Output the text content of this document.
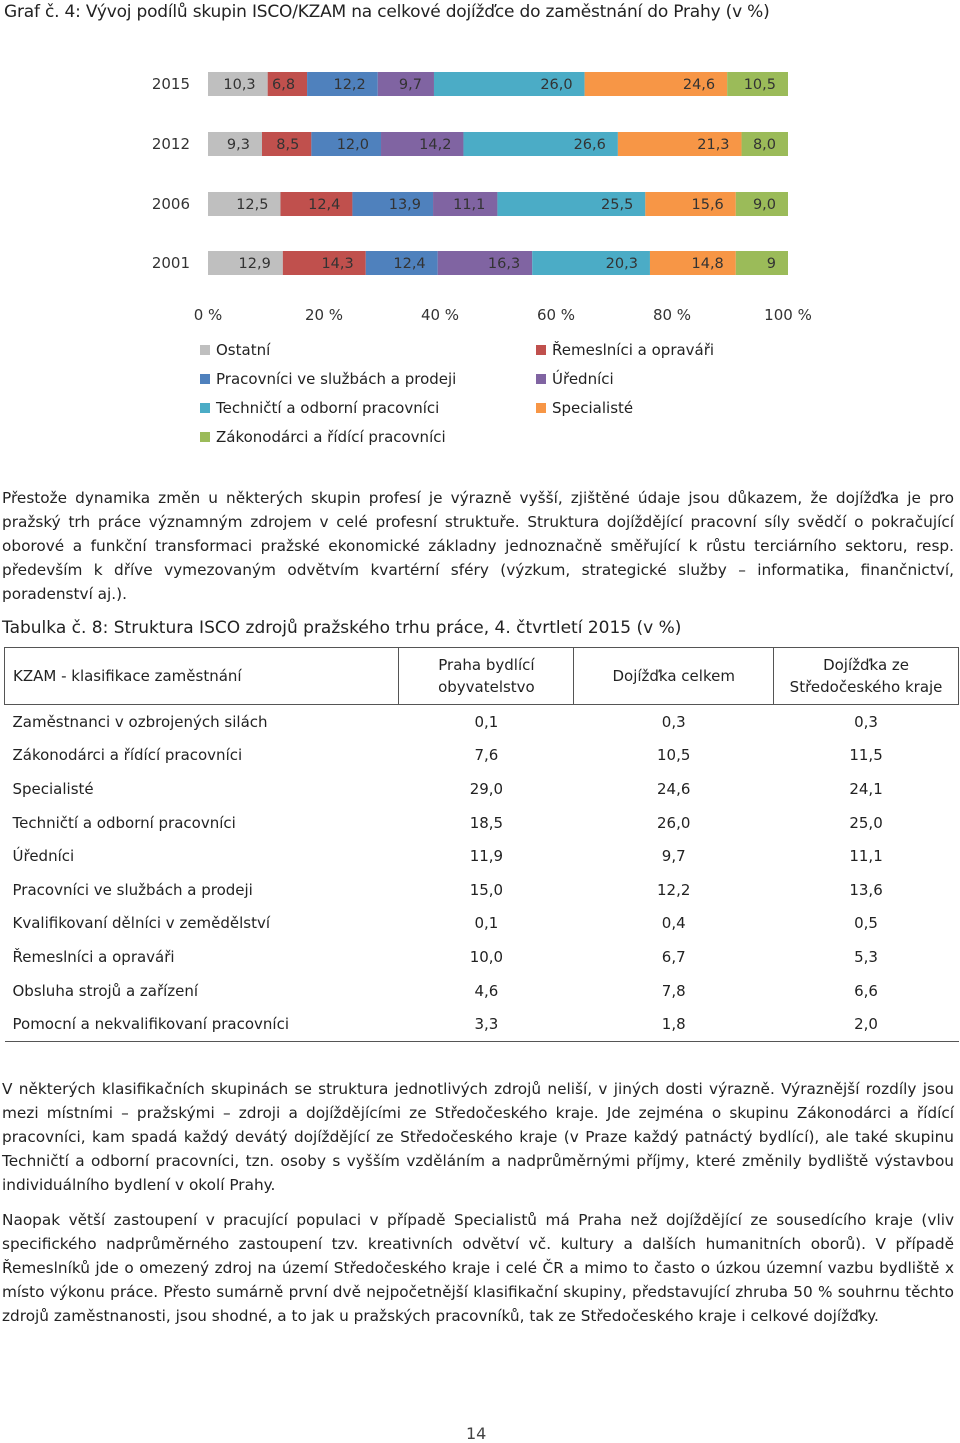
Graf č. 4: Vývoj podílů skupin ISCO/KZAM na celkové dojížďce do zaměstnání do Prahy (v %)
2015 10,3 6,8	12,2 9,7	26,0	24,6 10,5
2012	9,3 8,5	12,0	14,2	26,6	21,3 8,0
2006	12,5	12,4	13,9 11,1	25,5	15,6 9,0
2001	12,9	14,3	12,4	16,3	20,3	14,8	9
0 %	20 %	40 %	60 %	80 %	100 %
Ostatní	Řemeslníci a opraváři
Pracovníci ve službách a prodeji	Úředníci
Techničtí a odborní pracovníci	Specialisté
Zákonodárci a řídící pracovníci
Přestože dynamika změn u některých skupin profesí je výrazně vyšší, zjištěné údaje jsou důkazem, že dojížďka je pro pražský trh práce významným zdrojem v celé profesní struktuře. Struktura dojíždějící pracovní síly svědčí o pokračující oborové a funkční transformaci pražské ekonomické základny jednoznačně směřující k růstu terciárního sektoru, resp. především k dříve vymezovaným odvětvím kvartérní sféry (výzkum, strategické služby – informatika, finančnictví, poradenství aj.).
Tabulka č. 8: Struktura ISCO zdrojů pražského trhu práce, 4. čtvrtletí 2015 (v %)
KZAM - klasifikace zaměstnání	Praha bydlící obyvatelstvo	Dojížďka celkem	Dojížďka ze Středočeského kraje
Zaměstnanci v ozbrojených silách	0,1	0,3	0,3
Zákonodárci a řídící pracovníci	7,6	10,5	11,5
Specialisté	29,0	24,6	24,1
Techničtí a odborní pracovníci	18,5	26,0	25,0
Úředníci	11,9	9,7	11,1
Pracovníci ve službách a prodeji	15,0	12,2	13,6
Kvalifikovaní dělníci v zemědělství	0,1	0,4	0,5
Řemeslníci a opraváři	10,0	6,7	5,3
Obsluha strojů a zařízení	4,6	7,8	6,6
Pomocní a nekvalifikovaní pracovníci	3,3	1,8	2,0
V některých klasifikačních skupinách se struktura jednotlivých zdrojů neliší, v jiných dosti výrazně. Výraznější rozdíly jsou mezi místními – pražskými – zdroji a dojíždějícími ze Středočeského kraje. Jde zejména o skupinu Zákonodárci a řídící pracovníci, kam spadá každý devátý dojíždějící ze Středočeského kraje (v Praze každý patnáctý bydlící), ale také skupinu Techničtí a odborní pracovníci, tzn. osoby s vyšším vzděláním a nadprůměrnými příjmy, které změnily bydliště výstavbou individuálního bydlení v okolí Prahy.
Naopak větší zastoupení v pracující populaci v případě Specialistů má Praha než dojíždějící ze sousedícího kraje (vliv specifického nadprůměrného zastoupení tzv. kreativních odvětví vč. kultury a dalších humanitních oborů). V případě Řemeslníků jde o omezený zdroj na území Středočeského kraje i celé ČR a mimo to často o úzkou územní vazbu bydliště x místo výkonu práce. Přesto sumárně první dvě nejpočetnější klasifikační skupiny, představující zhruba 50 % souhrnu těchto zdrojů zaměstnanosti, jsou shodné, a to jak u pražských pracovníků, tak ze Středočeského kraje i celkové dojížďky.
14
